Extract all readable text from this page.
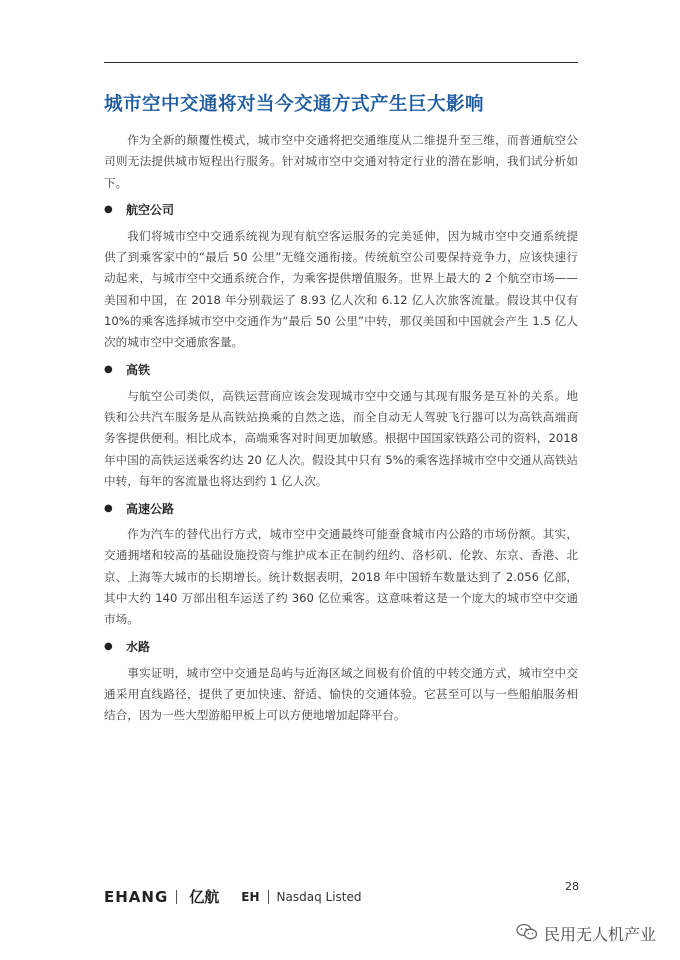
城市空中交通将对当今交通方式产生巨大影响

作为全新的颠覆性模式，城市空中交通将把交通维度从二维提升至三维，而普通航空公司则无法提供城市短程出行服务。针对城市空中交通对特定行业的潜在影响，我们试分析如下。

●	航空公司

我们将城市空中交通系统视为现有航空客运服务的完美延伸，因为城市空中交通系统提供了到乘客家中的“最后 50 公里”无缝交通衔接。传统航空公司要保持竞争力，应该快速行动起来，与城市空中交通系统合作，为乘客提供增值服务。世界上最大的 2 个航空市场——美国和中国，在 2018 年分别载运了 8.93 亿人次和 6.12 亿人次旅客流量。假设其中仅有 10%的乘客选择城市空中交通作为“最后 50 公里”中转，那仅美国和中国就会产生 1.5 亿人次的城市空中交通旅客量。

●	高铁

与航空公司类似，高铁运营商应该会发现城市空中交通与其现有服务是互补的关系。地铁和公共汽车服务是从高铁站换乘的自然之选，而全自动无人驾驶飞行器可以为高铁高端商务客提供便利。相比成本，高端乘客对时间更加敏感。根据中国国家铁路公司的资料，2018 年中国的高铁运送乘客约达 20 亿人次。假设其中只有 5%的乘客选择城市空中交通从高铁站中转，每年的客流量也将达到约 1 亿人次。

●	高速公路

作为汽车的替代出行方式，城市空中交通最终可能蚕食城市内公路的市场份额。其实，交通拥堵和较高的基础设施投资与维护成本正在制约纽约、洛杉矶、伦敦、东京、香港、北京、上海等大城市的长期增长。统计数据表明，2018 年中国轿车数量达到了 2.056 亿部，其中大约 140 万部出租车运送了约 360 亿位乘客。这意味着这是一个庞大的城市空中交通市场。

●	水路

事实证明，城市空中交通是岛屿与近海区域之间极有价值的中转交通方式，城市空中交通采用直线路径，提供了更加快速、舒适、愉快的交通体验。它甚至可以与一些船舶服务相结合，因为一些大型游船甲板上可以方便地增加起降平台。

EHANG 亿航 EH Nasdaq Listed
28
民用无人机产业
